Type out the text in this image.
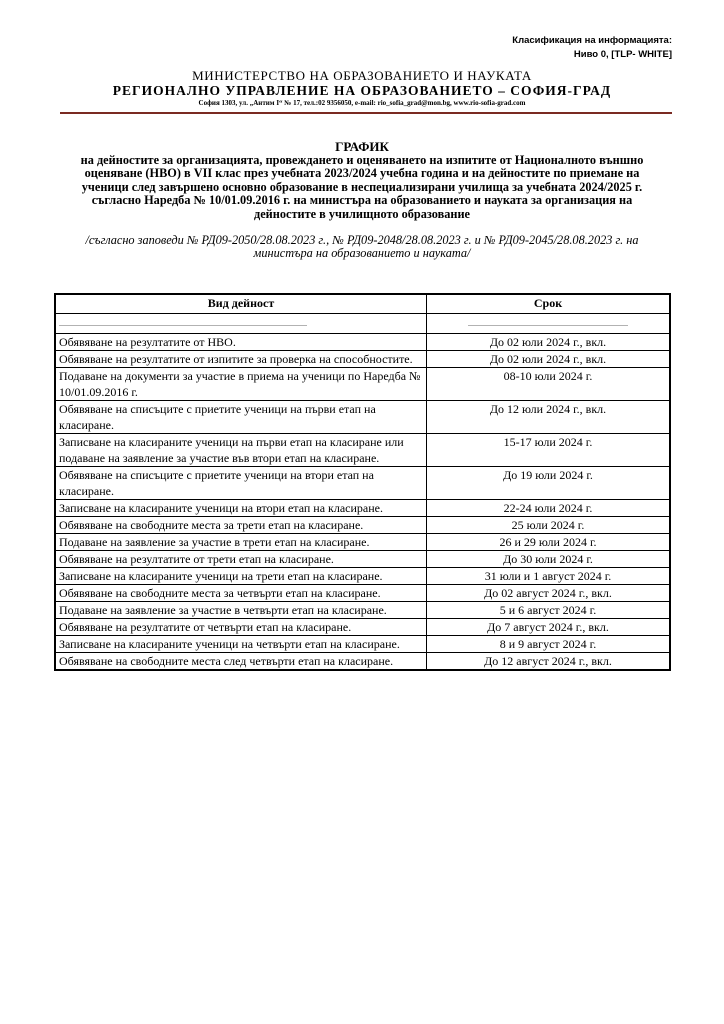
Класификация на информацията:
Ниво 0, [TLP- WHITE]
МИНИСТЕРСТВО НА ОБРАЗОВАНИЕТО И НАУКАТА
РЕГИОНАЛНО УПРАВЛЕНИЕ НА ОБРАЗОВАНИЕТО – СОФИЯ-ГРАД
София 1303, ул. „Антим I“ № 17, тел.:02 9356050, e-mail: rio_sofia_grad@mon.bg, www.rio-sofia-grad.com
ГРАФИК
на дейностите за организацията, провеждането и оценяването на изпитите от Националното външно оценяване (НВО) в VII клас през учебната 2023/2024 учебна година и на дейностите по приемане на ученици след завършено основно образование в неспециализирани училища за учебната 2024/2025 г. съгласно Наредба № 10/01.09.2016 г. на министъра на образованието и науката за организация на дейностите в училищното образование
/съгласно заповеди № РД09-2050/28.08.2023 г., № РД09-2048/28.08.2023 г. и № РД09-2045/28.08.2023 г. на министъра на образованието и науката/
Вид дейност	Срок
............................................................................................................................	................................................................................
Обявяване на резултатите от НВО.	До 02 юли 2024 г., вкл.
Обявяване на резултатите от изпитите за проверка на способностите.	До 02 юли 2024 г., вкл.
Подаване на документи за участие в приема на ученици по Наредба № 10/01.09.2016 г.	08-10 юли 2024 г.
Обявяване на списъците с приетите ученици на първи етап на класиране.	До 12 юли 2024 г., вкл.
Записване на класираните ученици на първи етап на класиране или подаване на заявление за участие във втори етап на класиране.	15-17 юли 2024 г.
Обявяване на списъците с приетите ученици на втори етап на класиране.	До 19 юли 2024 г.
Записване на класираните ученици на втори етап на класиране.	22-24 юли 2024 г.
Обявяване на свободните места за трети етап на класиране.	25 юли 2024 г.
Подаване на заявление за участие в трети етап на класиране.	26 и 29 юли 2024 г.
Обявяване на резултатите от трети етап на класиране.	До 30 юли 2024 г.
Записване на класираните ученици на трети етап на класиране.	31 юли и 1 август 2024 г.
Обявяване на свободните места за четвърти етап на класиране.	До 02 август 2024 г., вкл.
Подаване на заявление за участие в четвърти етап на класиране.	5 и 6 август 2024 г.
Обявяване на резултатите от четвърти етап на класиране.	До 7 август 2024 г., вкл.
Записване на класираните ученици на четвърти етап на класиране.	8 и 9 август 2024 г.
Обявяване на свободните места след четвърти етап на класиране.	До 12 август 2024 г., вкл.
